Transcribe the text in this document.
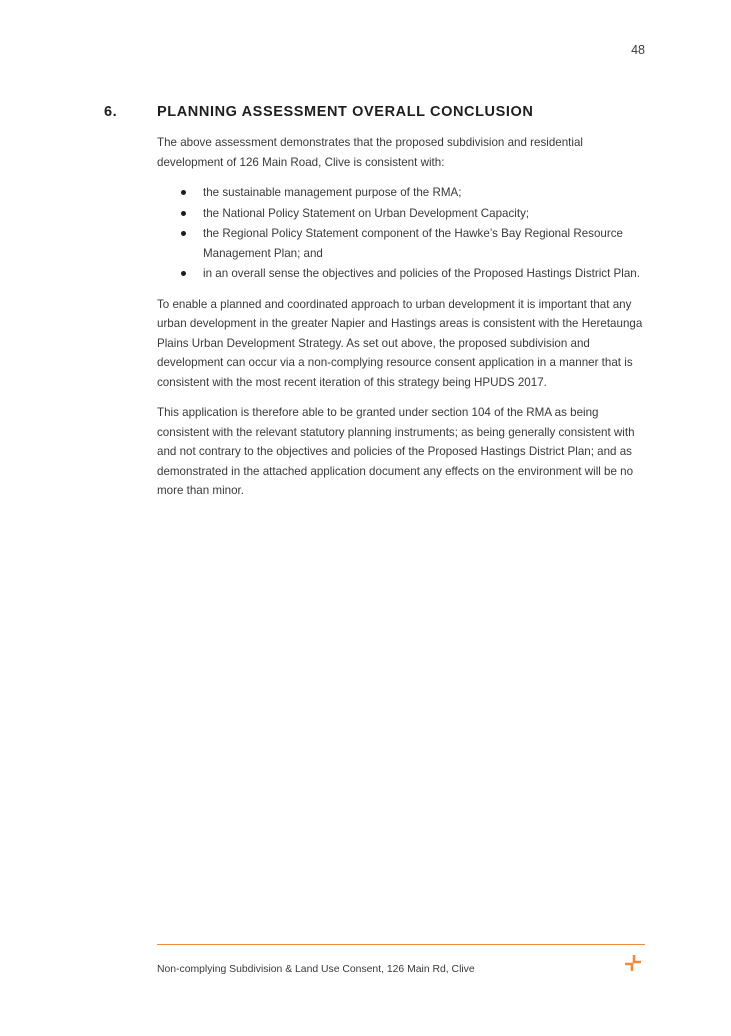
48
6.	PLANNING ASSESSMENT OVERALL CONCLUSION

The above assessment demonstrates that the proposed subdivision and residential development of 126 Main Road, Clive is consistent with:

the sustainable management purpose of the RMA;
the National Policy Statement on Urban Development Capacity;
the Regional Policy Statement component of the Hawke’s Bay Regional Resource Management Plan; and
in an overall sense the objectives and policies of the Proposed Hastings District Plan.

To enable a planned and coordinated approach to urban development it is important that any urban development in the greater Napier and Hastings areas is consistent with the Heretaunga Plains Urban Development Strategy. As set out above, the proposed subdivision and development can occur via a non-complying resource consent application in a manner that is consistent with the most recent iteration of this strategy being HPUDS 2017.

This application is therefore able to be granted under section 104 of the RMA as being consistent with the relevant statutory planning instruments; as being generally consistent with and not contrary to the objectives and policies of the Proposed Hastings District Plan; and as demonstrated in the attached application document any effects on the environment will be no more than minor.

Non-complying Subdivision & Land Use Consent, 126 Main Rd, Clive
